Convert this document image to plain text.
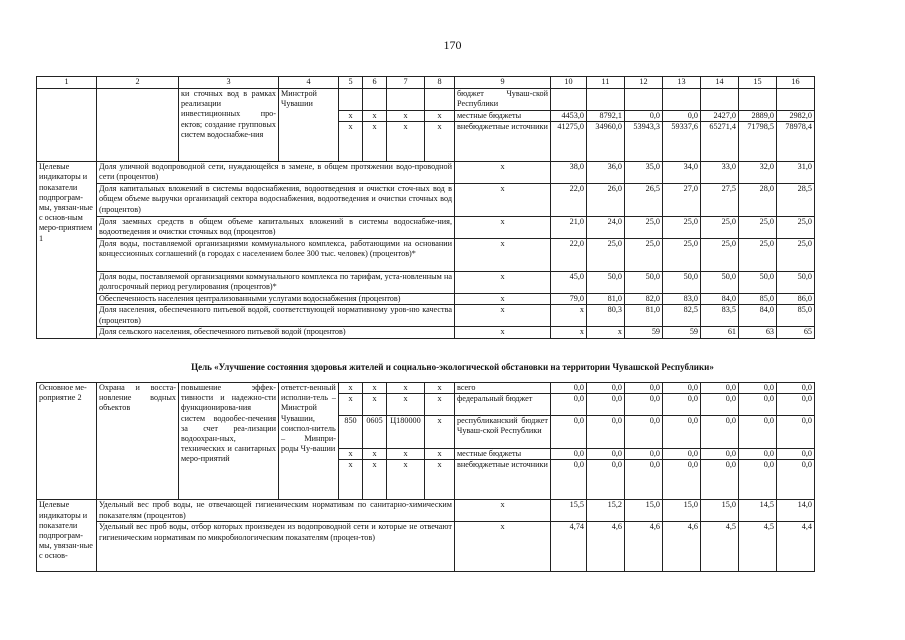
170
1	2	3	4	5	6	7	8	9	10	11	12	13	14	15	16
		ки сточных вод в рамках реализации инвестиционных про-ектов; создание групповых систем водоснабже-ния	Минстрой Чувашии					бюджет Чуваш-ской Республики							
				x	x	x	x	местные бюджеты	4453,0	8792,1	0,0	0,0	2427,0	2889,0	2982,0
				x	x	x	x	внебюджетные источники	41275,0	34960,0	53943,3	59337,6	65271,4	71798,5	78978,4
Целевые индикаторы и показатели подпрограм-мы, увязан-ные с основ-ным меро-приятием 1	Доля уличной водопроводной сети, нуждающейся в замене, в общем протяжении водо-проводной сети (процентов)							x	38,0	36,0	35,0	34,0	33,0	32,0	31,0
	Доля капитальных вложений в системы водоснабжения, водоотведения и очистки сточ-ных вод в общем объеме выручки организаций сектора водоснабжения, водоотведения и очистки сточных вод (процентов)							x	22,0	26,0	26,5	27,0	27,5	28,0	28,5
	Доля заемных средств в общем объеме капитальных вложений в системы водоснабже-ния, водоотведения и очистки сточных вод (процентов)							x	21,0	24,0	25,0	25,0	25,0	25,0	25,0
	Доля воды, поставляемой организациями коммунального комплекса, работающими на основании концессионных соглашений (в городах с населением более 300 тыс. человек) (процентов)*							x	22,0	25,0	25,0	25,0	25,0	25,0	25,0
	Доля воды, поставляемой организациями коммунального комплекса по тарифам, уста-новленным на долгосрочный период регулирования (процентов)*							x	45,0	50,0	50,0	50,0	50,0	50,0	50,0
	Обеспеченность населения централизованными услугами водоснабжения (процентов)							x	79,0	81,0	82,0	83,0	84,0	85,0	86,0
	Доля населения, обеспеченного питьевой водой, соответствующей нормативному уров-ню качества (процентов)							x	x	80,3	81,0	82,5	83,5	84,0	85,0
	Доля сельского населения, обеспеченного питьевой водой (процентов)							x	x	x	59	59	61	63	65
Цель «Улучшение состояния здоровья жителей и социально-экологической обстановки на территории Чувашской Республики»
Основное ме-роприятие 2	Охрана и восста-новление водных объектов	повышение эффек-тивности и надежно-сти функционирова-ния систем водообес-печения за счет реа-лизации водоохран-ных, технических и санитарных меро-приятий	ответст-венный исполни-тель – Минстрой Чувашии, соиспол-нитель – Минпри-роды Чу-вашии	x	x	x	x	всего	0,0	0,0	0,0	0,0	0,0	0,0	0,0
				x	x	x	x	федеральный бюджет	0,0	0,0	0,0	0,0	0,0	0,0	0,0
				850	0605	Ц180000	x	республиканский бюджет Чуваш-ской Республики	0,0	0,0	0,0	0,0	0,0	0,0	0,0
				x	x	x	x	местные бюджеты	0,0	0,0	0,0	0,0	0,0	0,0	0,0
				x	x	x	x	внебюджетные источники	0,0	0,0	0,0	0,0	0,0	0,0	0,0
Целевые индикаторы и показатели подпрограм-мы, увязан-ные с основ-	Удельный вес проб воды, не отвечающей гигиеническим нормативам по санитарно-химическим показателям (процентов)							x	15,5	15,2	15,0	15,0	15,0	14,5	14,0
	Удельный вес проб воды, отбор которых произведен из водопроводной сети и которые не отвечают гигиеническим нормативам по микробиологическим показателям (процен-тов)							x	4,74	4,6	4,6	4,6	4,5	4,5	4,4
